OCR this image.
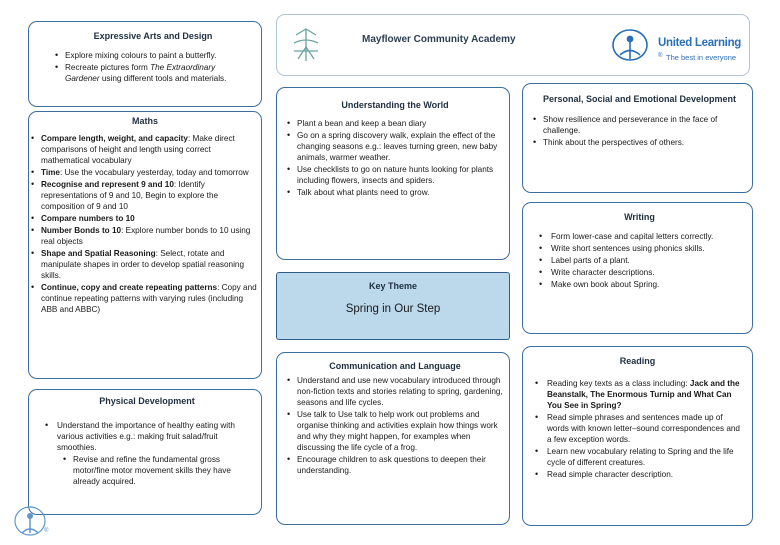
Expressive Arts and Design
• Explore mixing colours to paint a butterfly.
• Recreate pictures form The Extraordinary Gardener using different tools and materials.
Maths
• Compare length, weight, and capacity: Make direct comparisons of height and length using correct mathematical vocabulary
• Time: Use the vocabulary yesterday, today and tomorrow
• Recognise and represent 9 and 10: Identify representations of 9 and 10, Begin to explore the composition of 9 and 10
• Compare numbers to 10
• Number Bonds to 10: Explore number bonds to 10 using real objects
• Shape and Spatial Reasoning: Select, rotate and manipulate shapes in order to develop spatial reasoning skills.
• Continue, copy and create repeating patterns: Copy and continue repeating patterns with varying rules (including ABB and ABBC)
Physical Development
• Understand the importance of healthy eating with various activities e.g.: making fruit salad/fruit smoothies.
• Revise and refine the fundamental gross motor/fine motor movement skills they have already acquired.
®
Mayflower Community Academy	United Learning
The best in everyone
®
Understanding the World
• Plant a bean and keep a bean diary
• Go on a spring discovery walk, explain the effect of the changing seasons e.g.: leaves turning green, new baby animals, warmer weather.
• Use checklists to go on nature hunts looking for plants including flowers, insects and spiders.
• Talk about what plants need to grow.
Key Theme
Spring in Our Step
Communication and Language
• Understand and use new vocabulary introduced through non-fiction texts and stories relating to spring, gardening, seasons and life cycles.
• Use talk to Use talk to help work out problems and organise thinking and activities explain how things work and why they might happen, for examples when discussing the life cycle of a frog.
• Encourage children to ask questions to deepen their understanding.
Personal, Social and Emotional Development
• Show resilience and perseverance in the face of challenge.
• Think about the perspectives of others.
Writing
• Form lower-case and capital letters correctly.
• Write short sentences using phonics skills.
• Label parts of a plant.
• Write character descriptions.
• Make own book about Spring.
Reading
• Reading key texts as a class including: Jack and the Beanstalk, The Enormous Turnip and What Can You See in Spring?
• Read simple phrases and sentences made up of words with known letter–sound correspondences and a few exception words.
• Learn new vocabulary relating to Spring and the life cycle of different creatures.
• Read simple character description.
